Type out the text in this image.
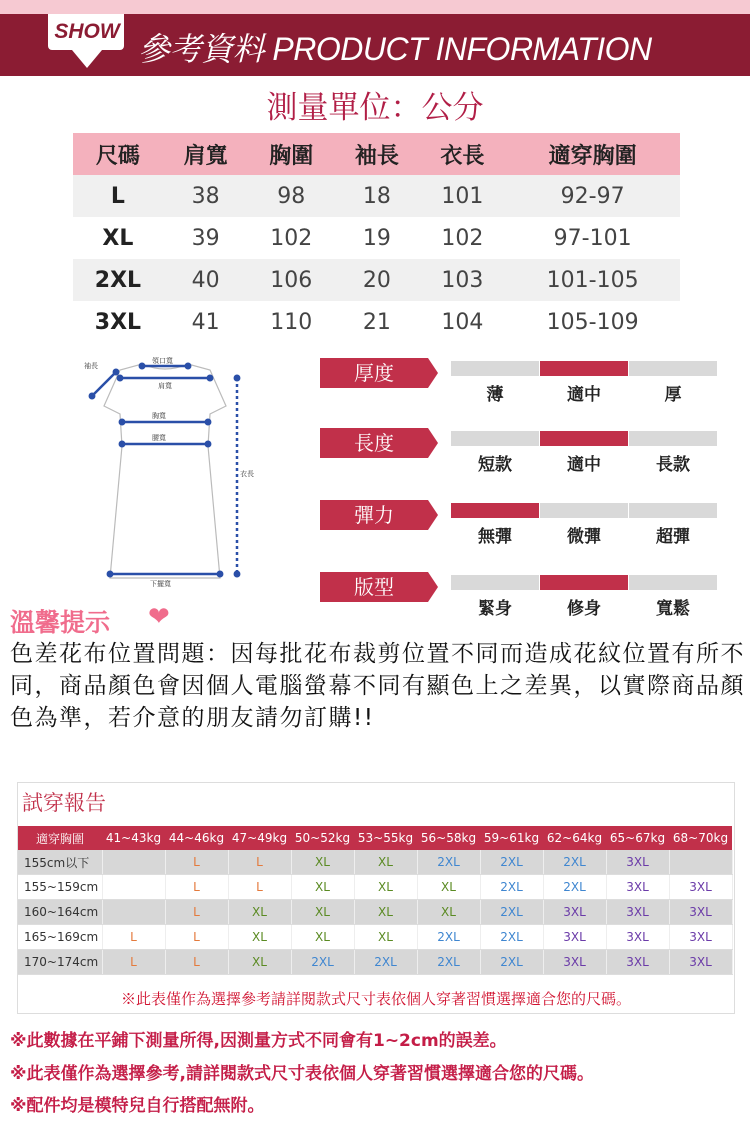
SHOW 參考資料 PRODUCT INFORMATION
測量單位：公分
尺碼	肩寬	胸圍	袖長	衣長	適穿胸圍
L	38	98	18	101	92-97
XL	39	102	19	102	97-101
2XL	40	106	20	103	101-105
3XL	41	110	21	104	105-109
袖長
領口寬
肩寬
胸寬
腰寬
衣長
下擺寬
厚度
薄	適中	厚
長度
短款	適中	長款
彈力
無彈	微彈	超彈
版型
緊身	修身	寬鬆
溫馨提示 ❤
色差花布位置問題：因每批花布裁剪位置不同而造成花紋位置有所不同，商品顏色會因個人電腦螢幕不同有顯色上之差異，以實際商品顏色為準，若介意的朋友請勿訂購!!
試穿報告
適穿胸圍	41~43kg	44~46kg	47~49kg	50~52kg	53~55kg	56~58kg	59~61kg	62~64kg	65~67kg	68~70kg
155cm以下		L	L	XL	XL	2XL	2XL	2XL	3XL	
155~159cm		L	L	XL	XL	XL	2XL	2XL	3XL	3XL
160~164cm		L	XL	XL	XL	XL	2XL	3XL	3XL	3XL
165~169cm	L	L	XL	XL	XL	2XL	2XL	3XL	3XL	3XL
170~174cm	L	L	XL	2XL	2XL	2XL	2XL	3XL	3XL	3XL
※此表僅作為選擇參考請詳閱款式尺寸表依個人穿著習慣選擇適合您的尺碼。
※此數據在平鋪下測量所得,因測量方式不同會有1~2cm的誤差。
※此表僅作為選擇參考,請詳閱款式尺寸表依個人穿著習慣選擇適合您的尺碼。
※配件均是模特兒自行搭配無附。
